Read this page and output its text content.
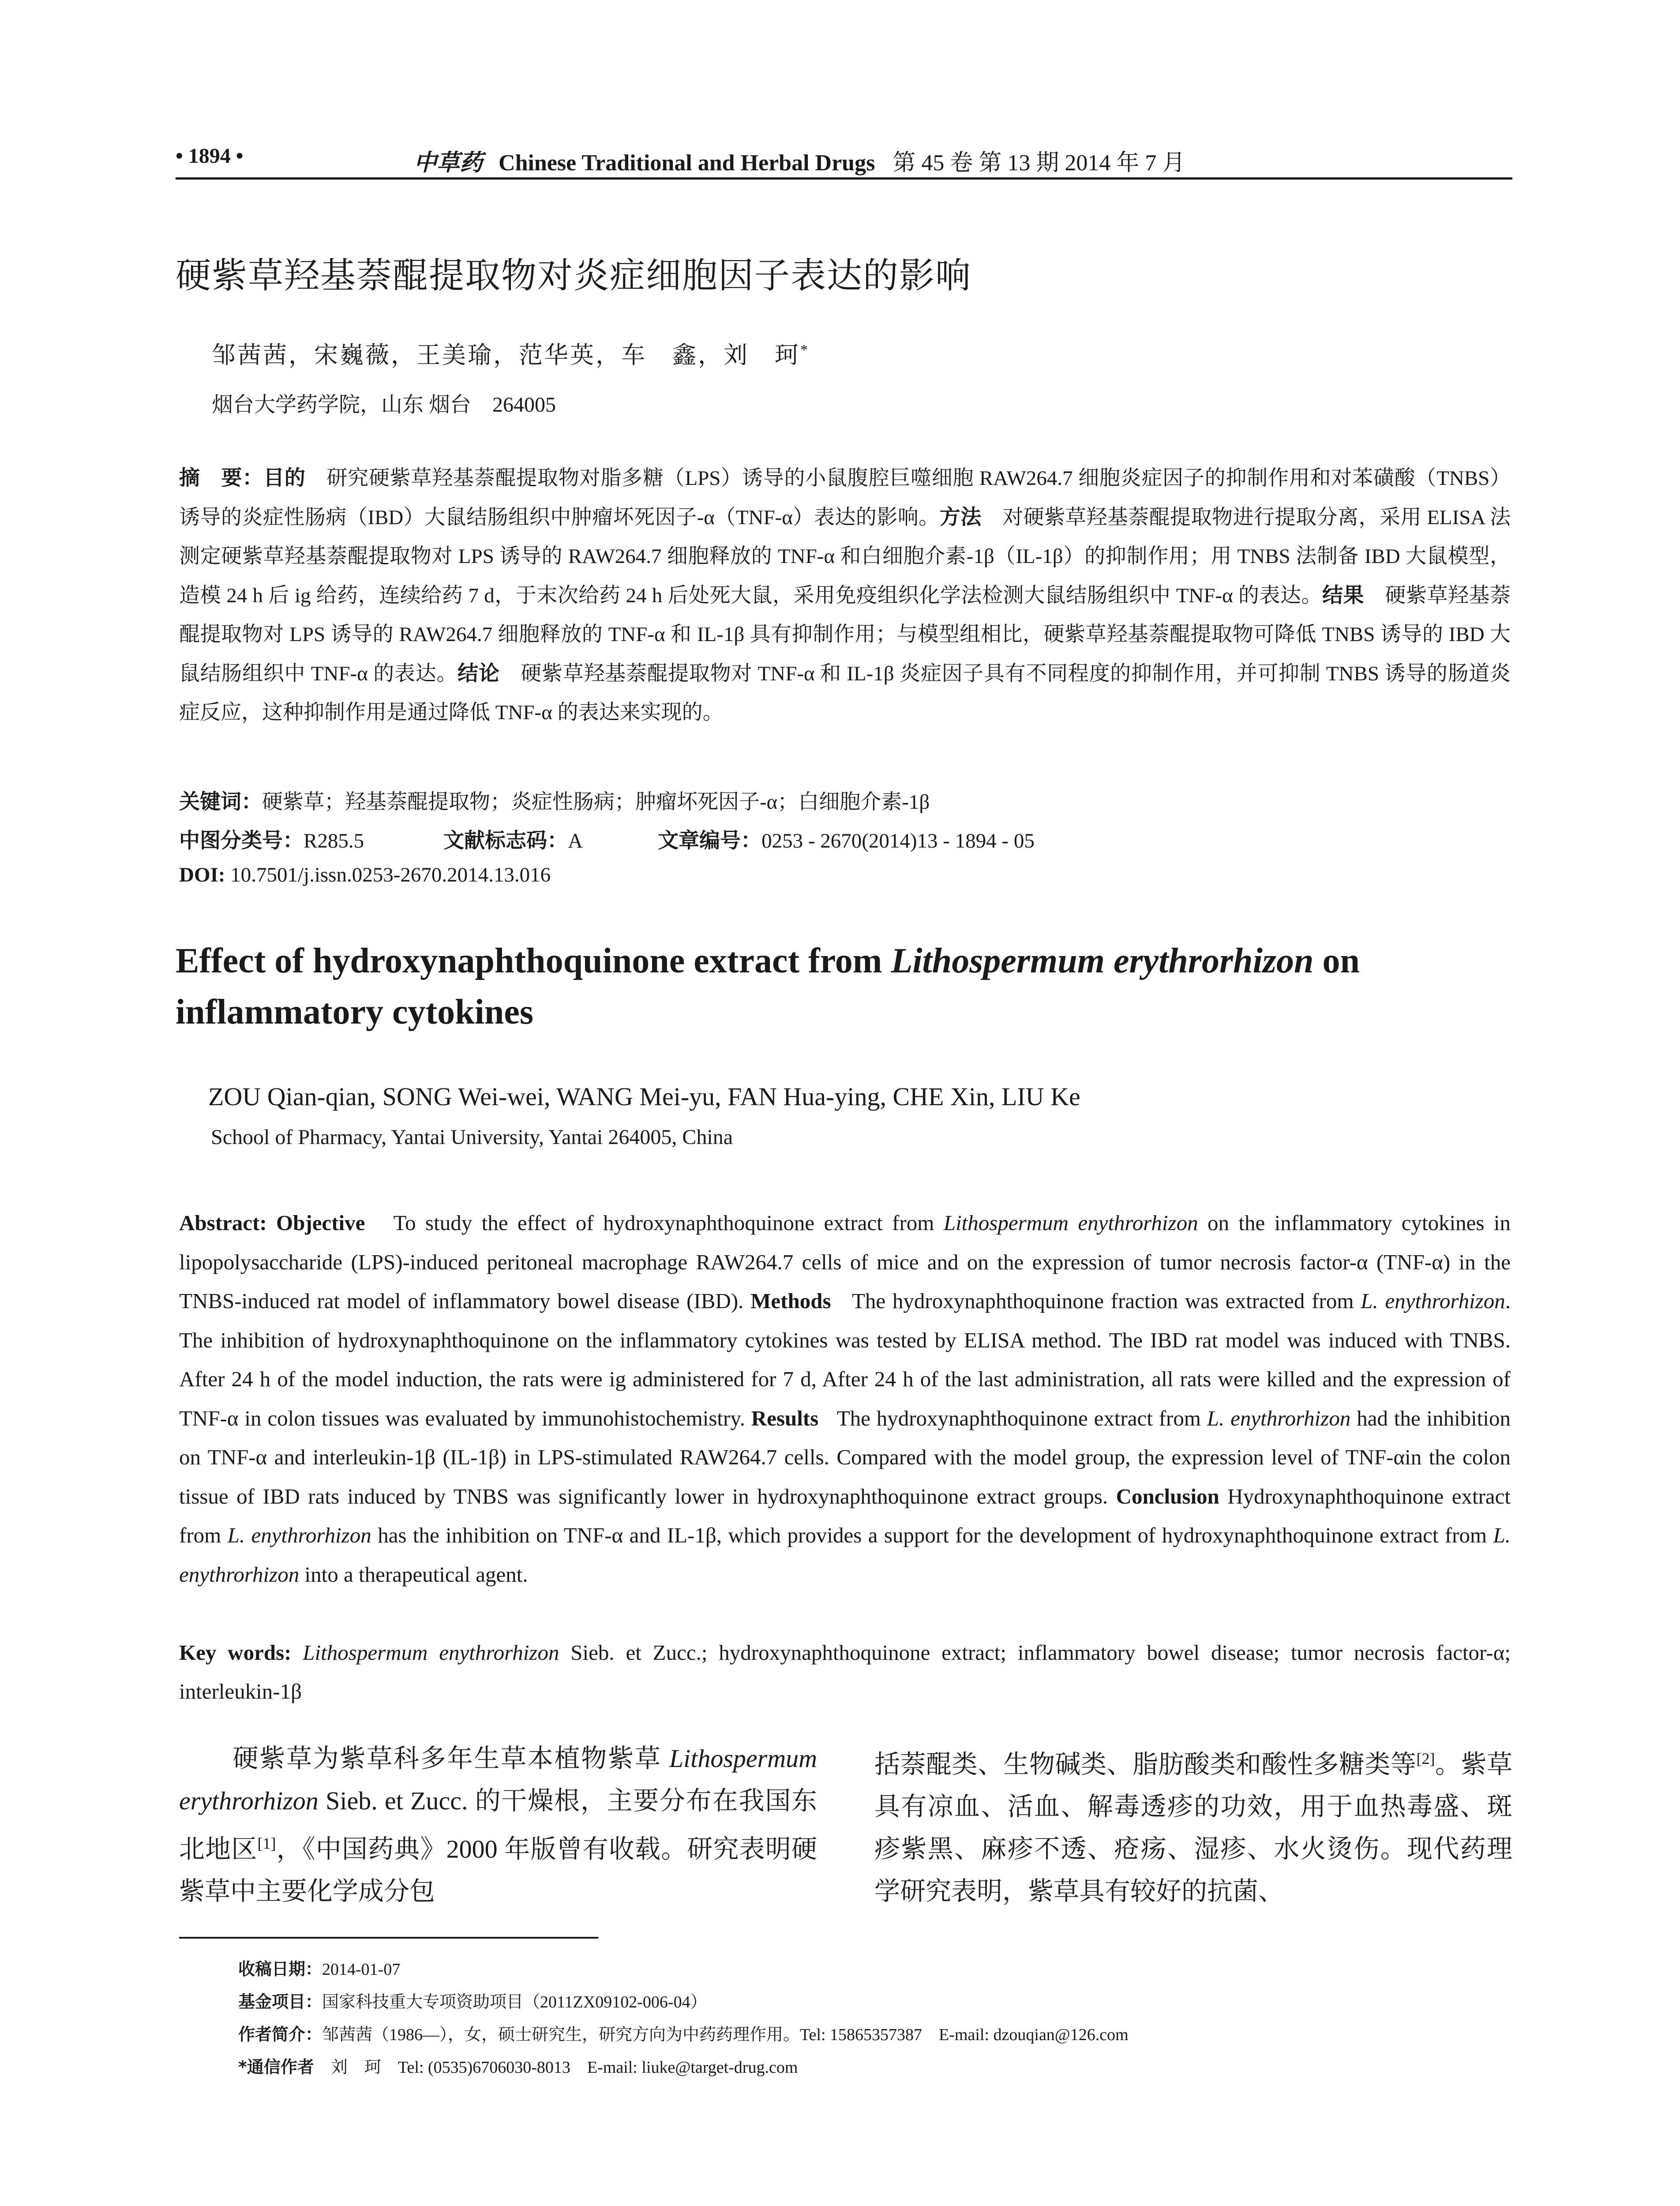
• 1894 •	中草药 Chinese Traditional and Herbal Drugs 第 45 卷 第 13 期 2014 年 7 月
硬紫草羟基萘醌提取物对炎症细胞因子表达的影响
邹茜茜，宋巍薇，王美瑜，范华英，车　鑫，刘　珂*
烟台大学药学院，山东 烟台　264005
摘　要：目的　 研究硬紫草羟基萘醌提取物对脂多糖（LPS）诱导的小鼠腹腔巨噬细胞 RAW264.7 细胞炎症因子的抑制作用和对苯磺酸（TNBS）诱导的炎症性肠病（IBD）大鼠结肠组织中肿瘤坏死因子-α（TNF-α）表达的影响。方法　 对硬紫草羟基萘醌提取物进行提取分离，采用 ELISA 法测定硬紫草羟基萘醌提取物对 LPS 诱导的 RAW264.7 细胞释放的 TNF-α 和白细胞介素-1β（IL-1β）的抑制作用；用 TNBS 法制备 IBD 大鼠模型，造模 24 h 后 ig 给药，连续给药 7 d，于末次给药 24 h 后处死大鼠，采用免疫组织化学法检测大鼠结肠组织中 TNF-α 的表达。结果　 硬紫草羟基萘醌提取物对 LPS 诱导的 RAW264.7 细胞释放的 TNF-α 和 IL-1β 具有抑制作用；与模型组相比，硬紫草羟基萘醌提取物可降低 TNBS 诱导的 IBD 大鼠结肠组织中 TNF-α 的表达。结论　 硬紫草羟基萘醌提取物对 TNF-α 和 IL-1β 炎症因子具有不同程度的抑制作用，并可抑制 TNBS 诱导的肠道炎症反应，这种抑制作用是通过降低 TNF-α 的表达来实现的。
关键词：硬紫草；羟基萘醌提取物；炎症性肠病；肿瘤坏死因子-α；白细胞介素-1β
中图分类号：R285.5	文献标志码：A	文章编号：0253 - 2670(2014)13 - 1894 - 05
DOI: 10.7501/j.issn.0253-2670.2014.13.016
Effect of hydroxynaphthoquinone extract from Lithospermum erythrorhizon on inflammatory cytokines
ZOU Qian-qian, SONG Wei-wei, WANG Mei-yu, FAN Hua-ying, CHE Xin, LIU Ke
School of Pharmacy, Yantai University, Yantai 264005, China
Abstract: Objective To study the effect of hydroxynaphthoquinone extract from Lithospermum enythrorhizon on the inflammatory cytokines in lipopolysaccharide (LPS)-induced peritoneal macrophage RAW264.7 cells of mice and on the expression of tumor necrosis factor-α (TNF-α) in the TNBS-induced rat model of inflammatory bowel disease (IBD). Methods The hydroxynaphthoquinone fraction was extracted from L. enythrorhizon. The inhibition of hydroxynaphthoquinone on the inflammatory cytokines was tested by ELISA method. The IBD rat model was induced with TNBS. After 24 h of the model induction, the rats were ig administered for 7 d, After 24 h of the last administration, all rats were killed and the expression of TNF-α in colon tissues was evaluated by immunohistochemistry. Results The hydroxynaphthoquinone extract from L. enythrorhizon had the inhibition on TNF-α and interleukin-1β (IL-1β) in LPS-stimulated RAW264.7 cells. Compared with the model group, the expression level of TNF-αin the colon tissue of IBD rats induced by TNBS was significantly lower in hydroxynaphthoquinone extract groups. Conclusion Hydroxynaphthoquinone extract from L. enythrorhizon has the inhibition on TNF-α and IL-1β, which provides a support for the development of hydroxynaphthoquinone extract from L. enythrorhizon into a therapeutical agent.
Key words: Lithospermum enythrorhizon Sieb. et Zucc.; hydroxynaphthoquinone extract; inflammatory bowel disease; tumor necrosis factor-α; interleukin-1β
　　硬紫草为紫草科多年生草本植物紫草 Lithospermum erythrorhizon Sieb. et Zucc. 的干燥根，主要分布在我国东北地区[1]，《中国药典》2000 年版曾有收载。研究表明硬紫草中主要化学成分包
括萘醌类、生物碱类、脂肪酸类和酸性多糖类等[2]。紫草具有凉血、活血、解毒透疹的功效，用于血热毒盛、斑疹紫黑、麻疹不透、疮疡、湿疹、水火烫伤。现代药理学研究表明，紫草具有较好的抗菌、
收稿日期：2014-01-07
基金项目：国家科技重大专项资助项目（2011ZX09102-006-04）
作者简介：邹茜茜（1986—），女，硕士研究生，研究方向为中药药理作用。Tel: 15865357387　E-mail: dzouqian@126.com
*通信作者　 刘　珂　Tel: (0535)6706030-8013　E-mail: liuke@target-drug.com
